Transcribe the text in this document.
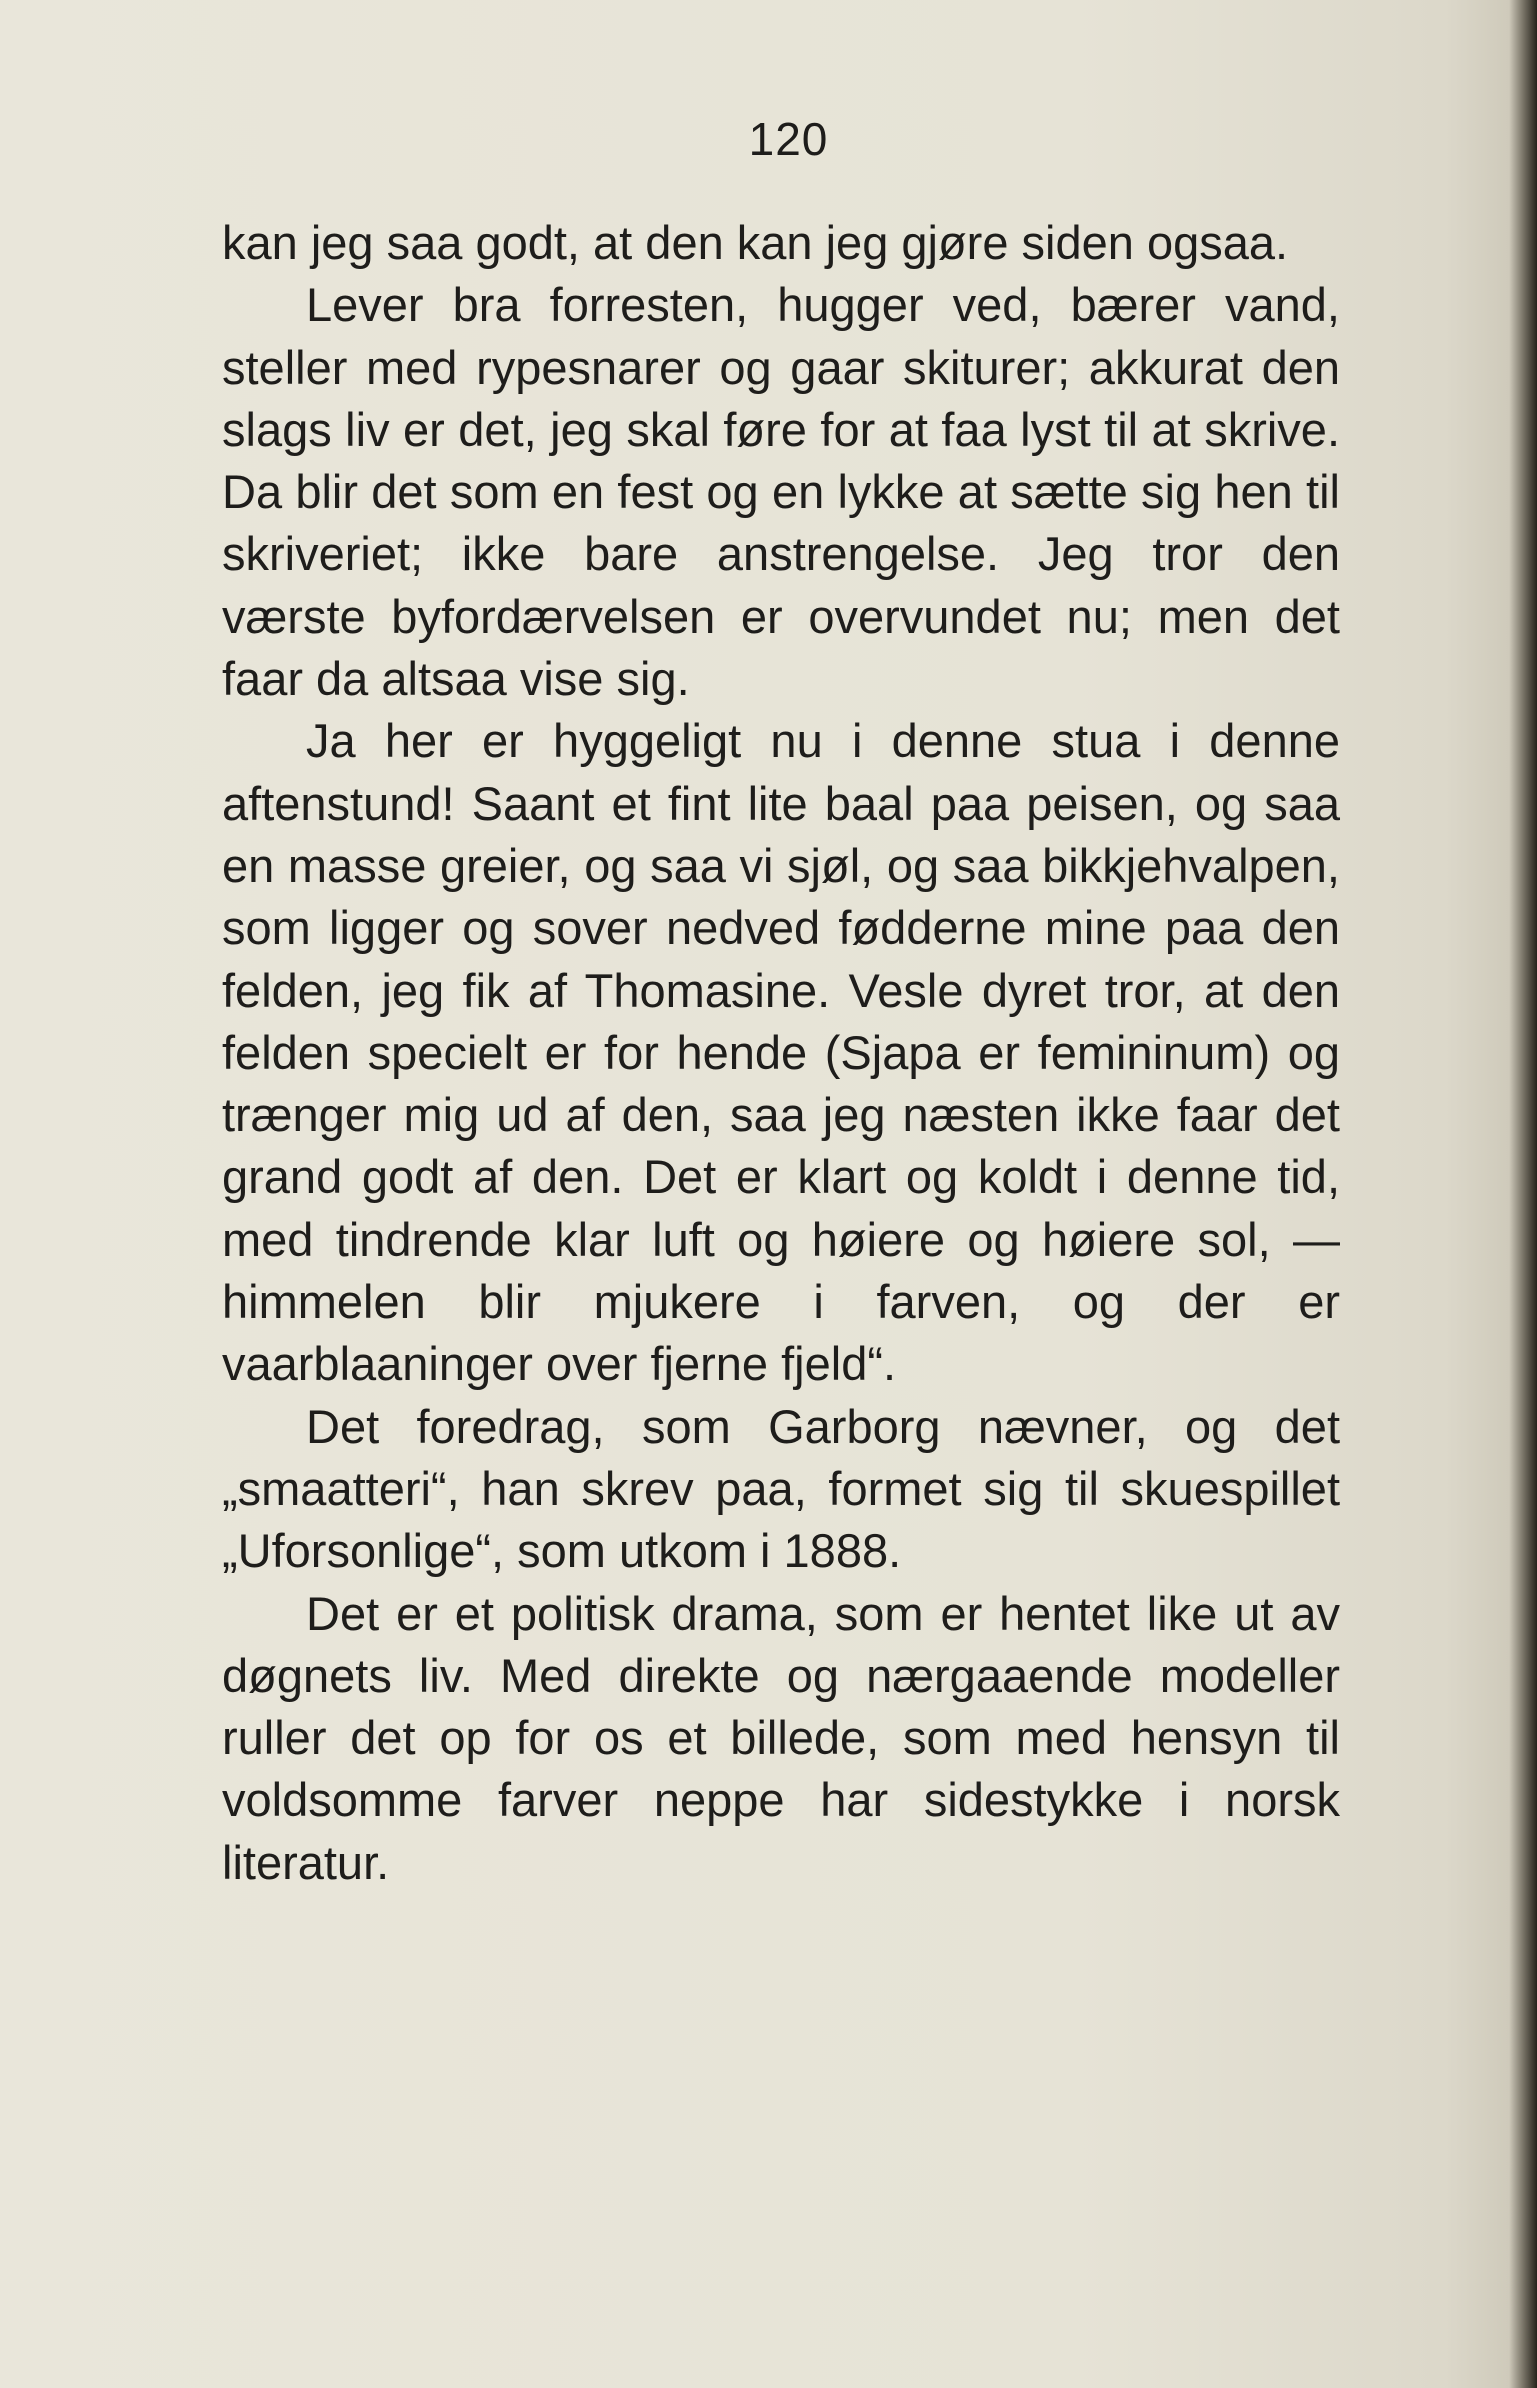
120

kan jeg saa godt, at den kan jeg gjøre siden ogsaa.

Lever bra forresten, hugger ved, bærer vand, steller med rypesnarer og gaar skiturer; akkurat den slags liv er det, jeg skal føre for at faa lyst til at skrive. Da blir det som en fest og en lykke at sætte sig hen til skriveriet; ikke bare anstrengelse. Jeg tror den værste byfordærvelsen er overvundet nu; men det faar da altsaa vise sig.

Ja her er hyggeligt nu i denne stua i denne aftenstund! Saant et fint lite baal paa peisen, og saa en masse greier, og saa vi sjøl, og saa bikkjehvalpen, som ligger og sover nedved fødderne mine paa den felden, jeg fik af Thomasine. Vesle dyret tror, at den felden specielt er for hende (Sjapa er femininum) og trænger mig ud af den, saa jeg næsten ikke faar det grand godt af den. Det er klart og koldt i denne tid, med tindrende klar luft og høiere og høiere sol, — himmelen blir mjukere i farven, og der er vaarblaaninger over fjerne fjeld“.

Det foredrag, som Garborg nævner, og det „smaatteri“, han skrev paa, formet sig til skuespillet „Uforsonlige“, som utkom i 1888.

Det er et politisk drama, som er hentet like ut av døgnets liv. Med direkte og nærgaaende modeller ruller det op for os et billede, som med hensyn til voldsomme farver neppe har sidestykke i norsk literatur.
